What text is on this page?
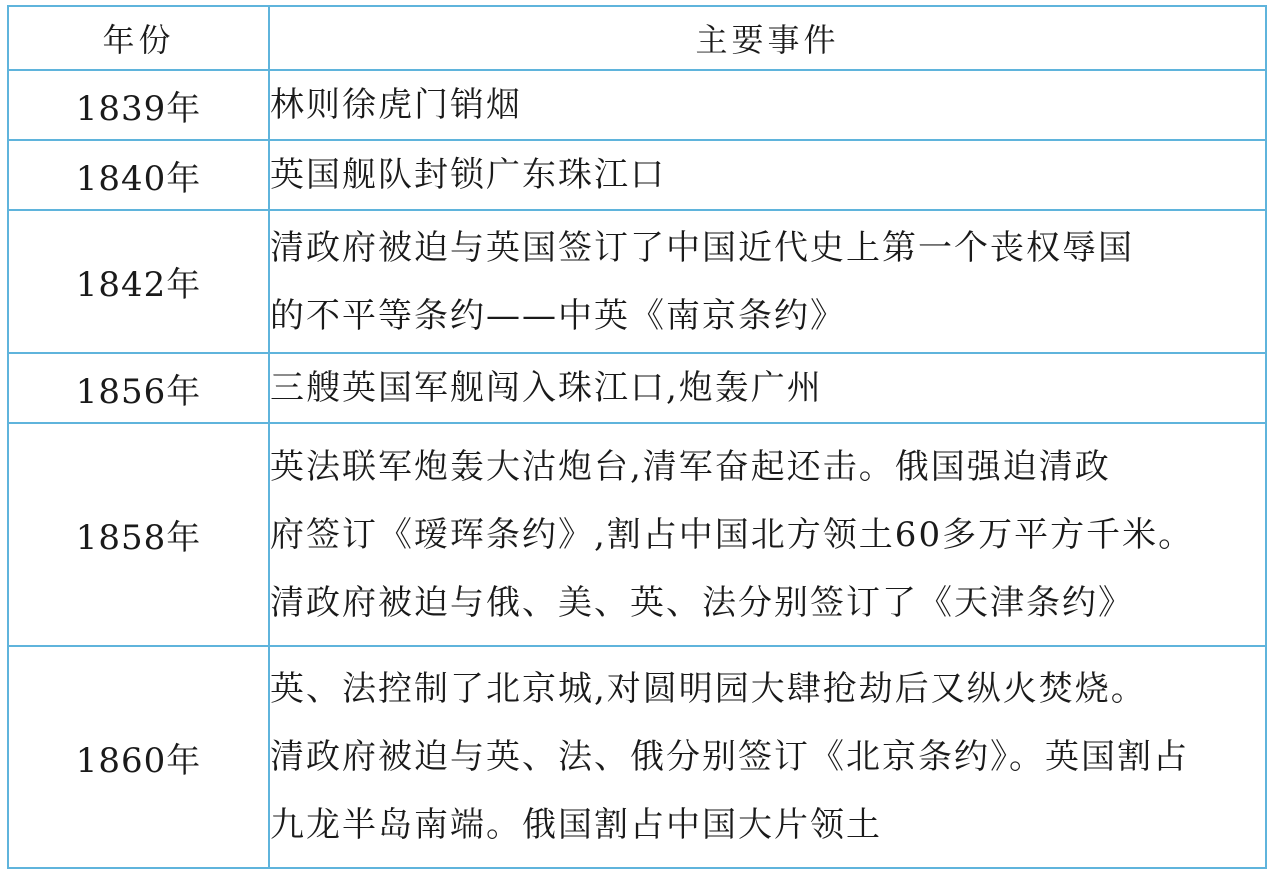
年份	主要事件
1839年	林则徐虎门销烟

1840年	英国舰队封锁广东珠江口

1842年	清政府被迫与英国签订了中国近代史上第一个丧权辱国
的不平等条约——中英《南京条约》

1856年	三艘英国军舰闯入珠江口,炮轰广州

1858年	英法联军炮轰大沽炮台,清军奋起还击。俄国强迫清政
府签订《瑷珲条约》,割占中国北方领土60多万平方千米。
清政府被迫与俄、美、英、法分别签订了《天津条约》

1860年	英、法控制了北京城,对圆明园大肆抢劫后又纵火焚烧。
清政府被迫与英、法、俄分别签订《北京条约》。英国割占
九龙半岛南端。俄国割占中国大片领土
